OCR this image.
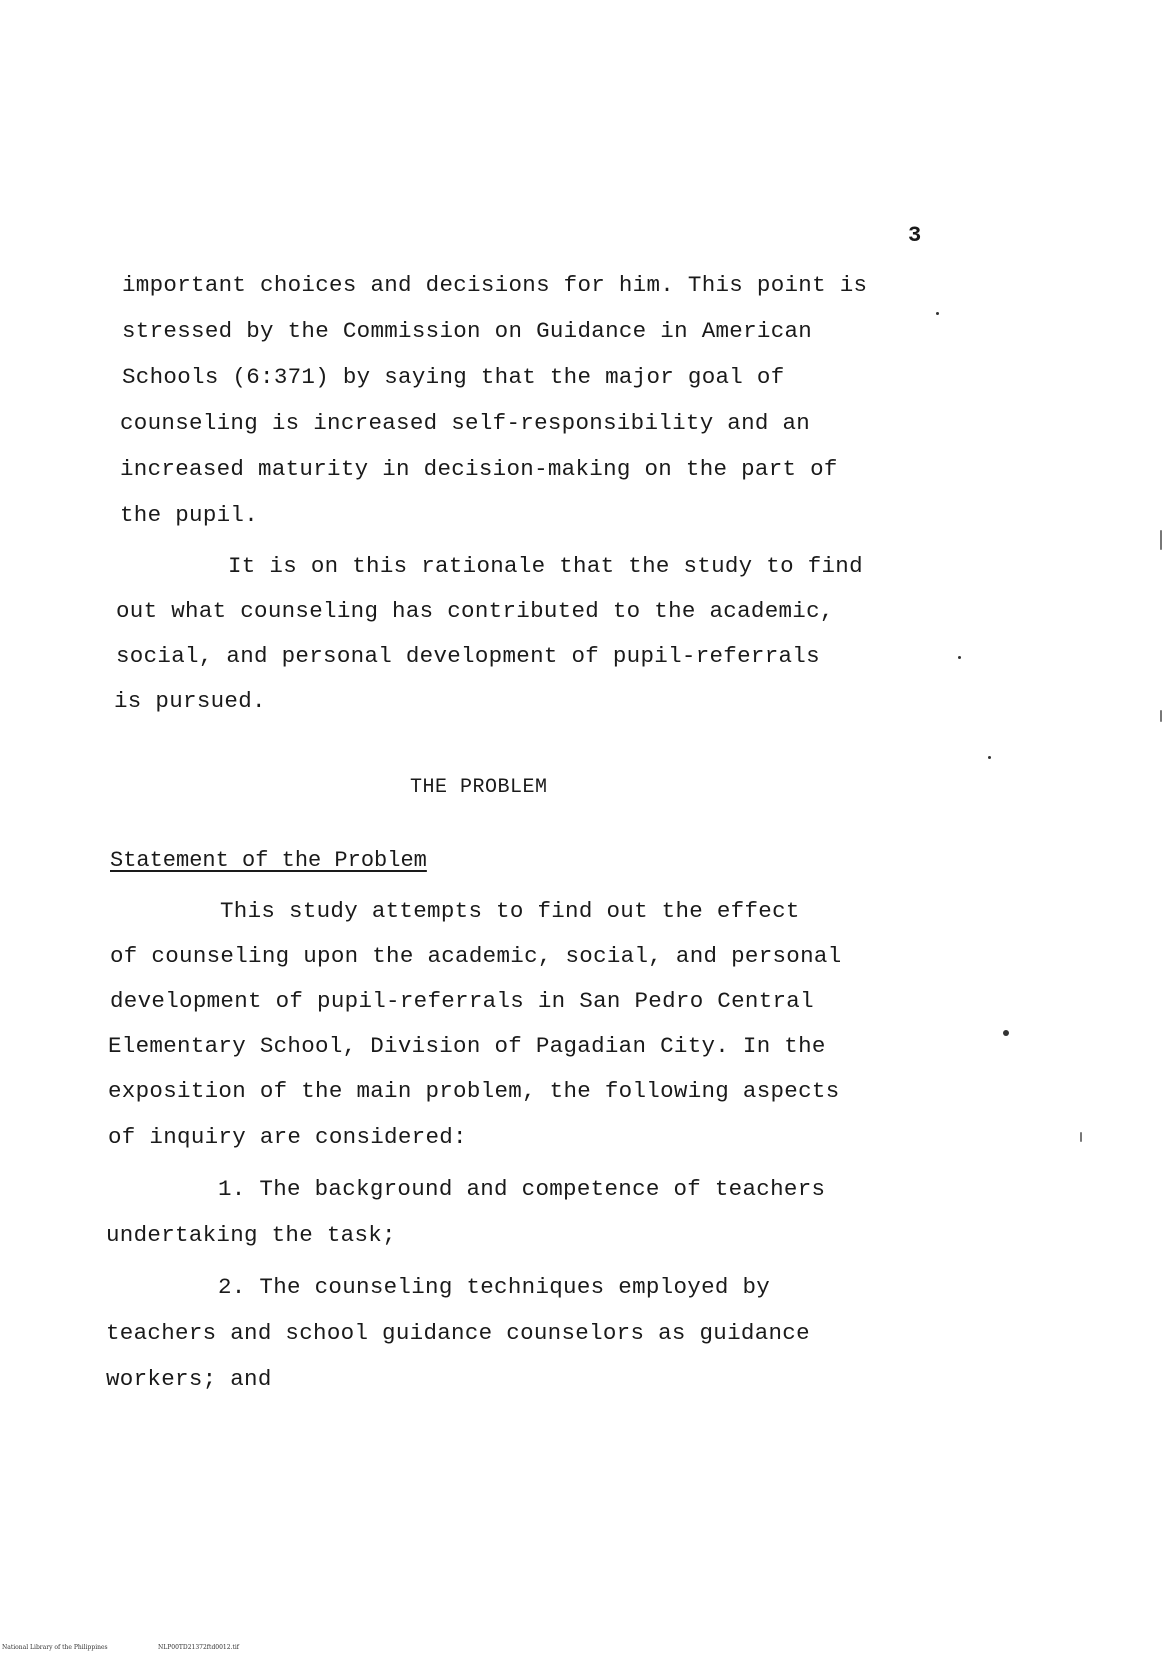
3
important choices and decisions for him. This point is
stressed by the Commission on Guidance in American
Schools (6:371) by saying that the major goal of
counseling is increased self-responsibility and an
increased maturity in decision-making on the part of
the pupil.
It is on this rationale that the study to find
out what counseling has contributed to the academic,
social, and personal development of pupil-referrals
is pursued.
THE PROBLEM
Statement of the Problem
This study attempts to find out the effect
of counseling upon the academic, social, and personal
development of pupil-referrals in San Pedro Central
Elementary School, Division of Pagadian City. In the
exposition of the main problem, the following aspects
of inquiry are considered:
1. The background and competence of teachers
undertaking the task;
2. The counseling techniques employed by
teachers and school guidance counselors as guidance
workers; and
National Library of the Philippines	NLP00TD21372ftd0012.tif
